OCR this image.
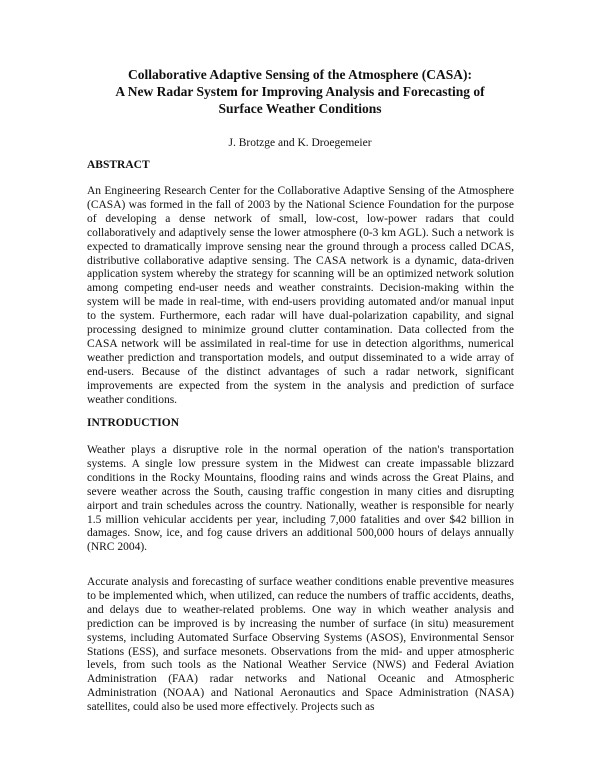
Collaborative Adaptive Sensing of the Atmosphere (CASA):
A New Radar System for Improving Analysis and Forecasting of
Surface Weather Conditions

J. Brotzge and K. Droegemeier

ABSTRACT

An Engineering Research Center for the Collaborative Adaptive Sensing of the Atmosphere (CASA) was formed in the fall of 2003 by the National Science Foundation for the purpose of developing a dense network of small, low-cost, low-power radars that could collaboratively and adaptively sense the lower atmosphere (0-3 km AGL). Such a network is expected to dramatically improve sensing near the ground through a process called DCAS, distributive collaborative adaptive sensing. The CASA network is a dynamic, data-driven application system whereby the strategy for scanning will be an optimized network solution among competing end-user needs and weather constraints. Decision-making within the system will be made in real-time, with end-users providing automated and/or manual input to the system. Furthermore, each radar will have dual-polarization capability, and signal processing designed to minimize ground clutter contamination. Data collected from the CASA network will be assimilated in real-time for use in detection algorithms, numerical weather prediction and transportation models, and output disseminated to a wide array of end-users. Because of the distinct advantages of such a radar network, significant improvements are expected from the system in the analysis and prediction of surface weather conditions.

INTRODUCTION

Weather plays a disruptive role in the normal operation of the nation's transportation systems. A single low pressure system in the Midwest can create impassable blizzard conditions in the Rocky Mountains, flooding rains and winds across the Great Plains, and severe weather across the South, causing traffic congestion in many cities and disrupting airport and train schedules across the country. Nationally, weather is responsible for nearly 1.5 million vehicular accidents per year, including 7,000 fatalities and over $42 billion in damages. Snow, ice, and fog cause drivers an additional 500,000 hours of delays annually (NRC 2004).

Accurate analysis and forecasting of surface weather conditions enable preventive measures to be implemented which, when utilized, can reduce the numbers of traffic accidents, deaths, and delays due to weather-related problems. One way in which weather analysis and prediction can be improved is by increasing the number of surface (in situ) measurement systems, including Automated Surface Observing Systems (ASOS), Environmental Sensor Stations (ESS), and surface mesonets. Observations from the mid- and upper atmospheric levels, from such tools as the National Weather Service (NWS) and Federal Aviation Administration (FAA) radar networks and National Oceanic and Atmospheric Administration (NOAA) and National Aeronautics and Space Administration (NASA) satellites, could also be used more effectively. Projects such as
